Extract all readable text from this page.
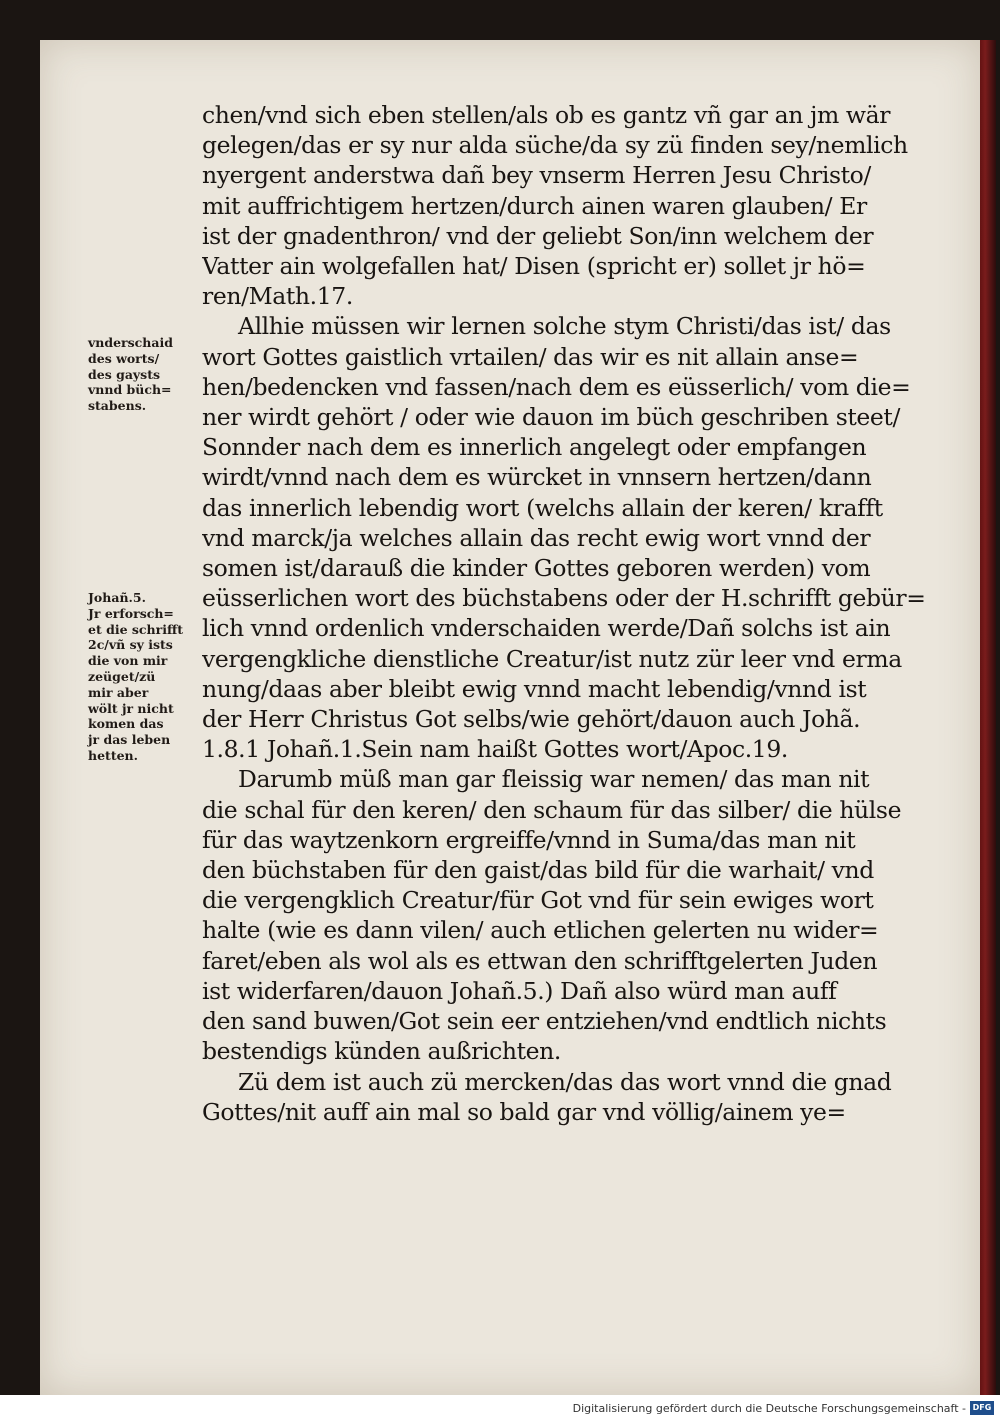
chen/vnd sich eben stellen/als ob es gantz vñ gar an jm wär
gelegen/das er sy nur alda süche/da sy zü finden sey/nemlich
nyergent anderstwa dañ bey vnserm Herren Jesu Christo/
mit auffrichtigem hertzen/durch ainen waren glauben/ Er
ist der gnadenthron/ vnd der geliebt Son/inn welchem der
Vatter ain wolgefallen hat/ Disen (spricht er) sollet jr hö=
ren/Math.17.
Allhie müssen wir lernen solche stym Christi/das ist/ das
wort Gottes gaistlich vrtailen/ das wir es nit allain anse=
hen/bedencken vnd fassen/nach dem es eüsserlich/ vom die=
ner wirdt gehört / oder wie dauon im büch geschriben steet/
Sonnder nach dem es innerlich angelegt oder empfangen
wirdt/vnnd nach dem es würcket in vnnsern hertzen/dann
das innerlich lebendig wort (welchs allain der keren/ krafft
vnd marck/ja welches allain das recht ewig wort vnnd der
somen ist/darauß die kinder Gottes geboren werden) vom
eüsserlichen wort des büchstabens oder der H.schrifft gebür=
lich vnnd ordenlich vnderschaiden werde/Dañ solchs ist ain
vergengkliche dienstliche Creatur/ist nutz zür leer vnd erma
nung/daas aber bleibt ewig vnnd macht lebendig/vnnd ist
der Herr Christus Got selbs/wie gehört/dauon auch Johã.
1.8.1 Johañ.1.Sein nam haißt Gottes wort/Apoc.19.
Darumb müß man gar fleissig war nemen/ das man nit
die schal für den keren/ den schaum für das silber/ die hülse
für das waytzenkorn ergreiffe/vnnd in Suma/das man nit
den büchstaben für den gaist/das bild für die warhait/ vnd
die vergengklich Creatur/für Got vnd für sein ewiges wort
halte (wie es dann vilen/ auch etlichen gelerten nu wider=
faret/eben als wol als es ettwan den schrifftgelerten Juden
ist widerfaren/dauon Johañ.5.) Dañ also würd man auff
den sand buwen/Got sein eer entziehen/vnd endtlich nichts
bestendigs künden außrichten.
Zü dem ist auch zü mercken/das das wort vnnd die gnad
Gottes/nit auff ain mal so bald gar vnd völlig/ainem ye=
vnderschaid
des worts/
des gaysts
vnnd büch=
stabens.
Johañ.5.
Jr erforsch=
et die schrifft
2c/vñ sy ists
die von mir
zeüget/zü
mir aber
wölt jr nicht
komen das
jr das leben
hetten.
Digitalisierung gefördert durch die Deutsche Forschungsgemeinschaft - DFG
